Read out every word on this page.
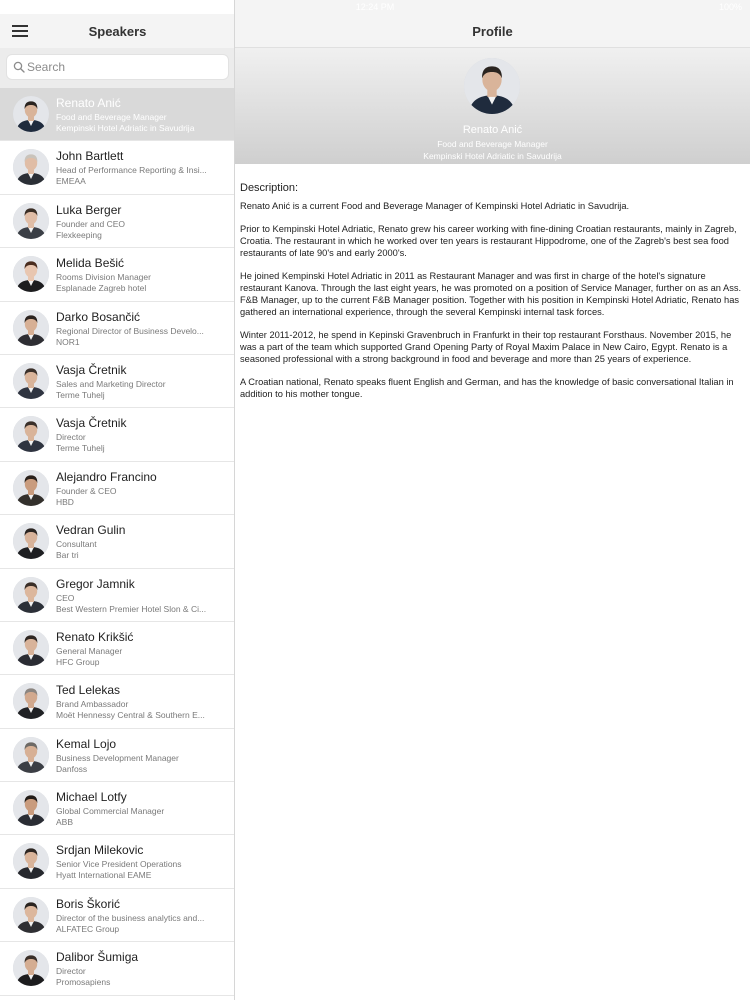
12:24 PM	100%
Speakers
Search
Renato Anić
Food and Beverage Manager
Kempinski Hotel Adriatic in Savudrija
John Bartlett
Head of Performance Reporting & Insi...
EMEAA
Luka Berger
Founder and CEO
Flexkeeping
Melida Bešić
Rooms Division Manager
Esplanade Zagreb hotel
Darko Bosančić
Regional Director of Business Develo...
NOR1
Vasja Čretnik
Sales and Marketing Director
Terme Tuhelj
Vasja Čretnik
Director
Terme Tuhelj
Alejandro Francino
Founder & CEO
HBD
Vedran Gulin
Consultant
Bar tri
Gregor Jamnik
CEO
Best Western Premier Hotel Slon & Ci...
Renato Krikšić
General Manager
HFC Group
Ted Lelekas
Brand Ambassador
Moët Hennessy Central & Southern E...
Kemal Lojo
Business Development Manager
Danfoss
Michael Lotfy
Global Commercial Manager
ABB
Srdjan Milekovic
Senior Vice President Operations
Hyatt International EAME
Boris Škorić
Director of the business analytics and...
ALFATEC Group
Dalibor Šumiga
Director
Promosapiens
Profile
Renato Anić
Food and Beverage Manager
Kempinski Hotel Adriatic in Savudrija
Description:

Renato Anić is a current Food and Beverage Manager of Kempinski Hotel Adriatic in Savudrija.

Prior to Kempinski Hotel Adriatic, Renato grew his career working with fine-dining Croatian restaurants, mainly in Zagreb, Croatia. The restaurant in which he worked over ten years is restaurant Hippodrome, one of the Zagreb's best sea food restaurants of late 90's and early 2000's.

He joined Kempinski Hotel Adriatic in 2011 as Restaurant Manager and was first in charge of the hotel's signature restaurant Kanova. Through the last eight years, he was promoted on a position of Service Manager, further on as an Ass. F&B Manager, up to the current F&B Manager position. Together with his position in Kempinski Hotel Adriatic, Renato has gathered an international experience, through the several Kempinski internal task forces.

Winter 2011-2012, he spend in Kepinski Gravenbruch in Franfurkt in their top restaurant Forsthaus. November 2015, he was a part of the team which supported Grand Opening Party of Royal Maxim Palace in New Cairo, Egypt. Renato is a seasoned professional with a strong background in food and beverage and more than 25 years of experience.

A Croatian national, Renato speaks fluent English and German, and has the knowledge of basic conversational Italian in addition to his mother tongue.
